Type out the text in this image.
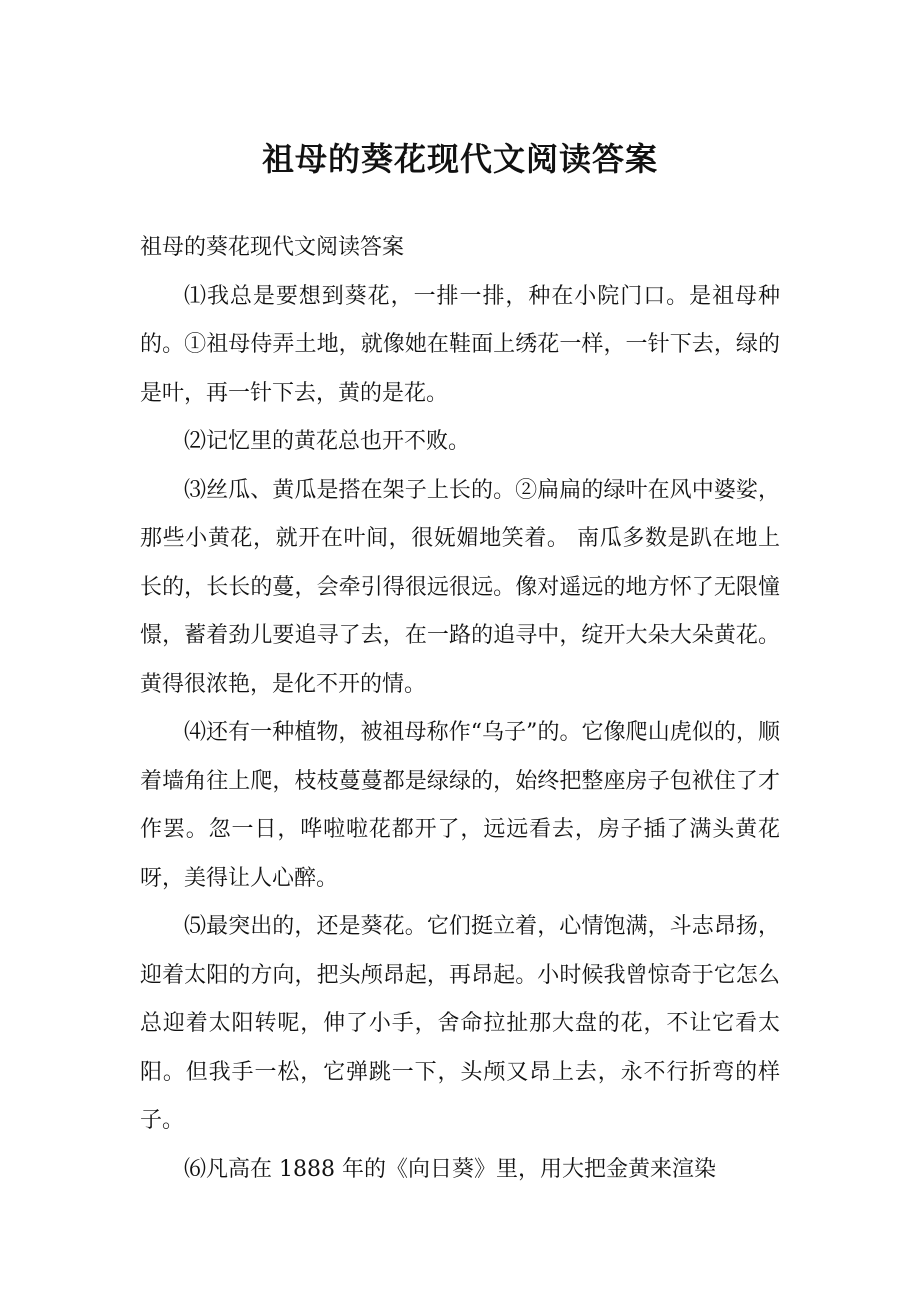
祖母的葵花现代文阅读答案

祖母的葵花现代文阅读答案

⑴我总是要想到葵花，一排一排，种在小院门口。是祖母种的。①祖母侍弄土地，就像她在鞋面上绣花一样，一针下去，绿的是叶，再一针下去，黄的是花。

⑵记忆里的黄花总也开不败。

⑶丝瓜、黄瓜是搭在架子上长的。②扁扁的绿叶在风中婆娑，那些小黄花，就开在叶间，很妩媚地笑着。 南瓜多数是趴在地上长的，长长的蔓，会牵引得很远很远。像对遥远的地方怀了无限憧憬，蓄着劲儿要追寻了去，在一路的追寻中，绽开大朵大朵黄花。黄得很浓艳，是化不开的情。

⑷还有一种植物，被祖母称作“乌子”的。它像爬山虎似的，顺着墙角往上爬，枝枝蔓蔓都是绿绿的，始终把整座房子包袱住了才作罢。忽一日，哗啦啦花都开了，远远看去，房子插了满头黄花呀，美得让人心醉。

⑸最突出的，还是葵花。它们挺立着，心情饱满，斗志昂扬，迎着太阳的方向，把头颅昂起，再昂起。小时候我曾惊奇于它怎么总迎着太阳转呢，伸了小手，舍命拉扯那大盘的花，不让它看太阳。但我手一松，它弹跳一下，头颅又昂上去，永不行折弯的样子。

⑹凡高在 1888 年的《向日葵》里，用大把金黄来渲染
